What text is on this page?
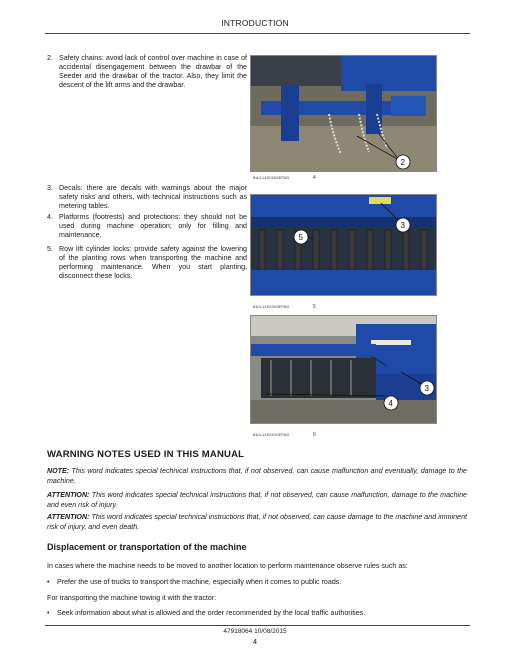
INTRODUCTION
2. Safety chains: avoid lack of control over machine in case of accidental disengagement between the drawbar of the Seeder and the drawbar of the tractor. Also, they limit the descent of the lift arms and the drawbar.
3. Decals: there are decals with warnings about the major safety risks and others, with technical instructions such as metering tables.
4. Platforms (footrests) and protections: they should not be used during machine operation; only for filling and maintenance.
5. Row lift cylinder locks: provide safety against the lowering of the planting rows when transporting the machine and performing maintenance. When you start planting, disconnect these locks.
2
BAIL14S0008EPAD	4
3
5
BAIL14S0009EPAD	5
3
4
BAIL14S0010EPAD	6
WARNING NOTES USED IN THIS MANUAL
NOTE: This word indicates special technical instructions that, if not observed, can cause malfunction and eventually, damage to the machine.
ATTENTION: This word indicates special technical instructions that, if not observed, can cause malfunction, damage to the machine and even risk of injury.
ATTENTION: This word indicates special technical instructions that, if not observed, can cause damage to the machine and imminent risk of injury, and even death.
Displacement or transportation of the machine
In cases where the machine needs to be moved to another location to perform maintenance observe rules such as:
• Prefer the use of trucks to transport the machine, especially when it comes to public roads.
For transporting the machine towing it with the tractor:
• Seek information about what is allowed and the order recommended by the local traffic authorities.
47918064 10/08/2015
4
